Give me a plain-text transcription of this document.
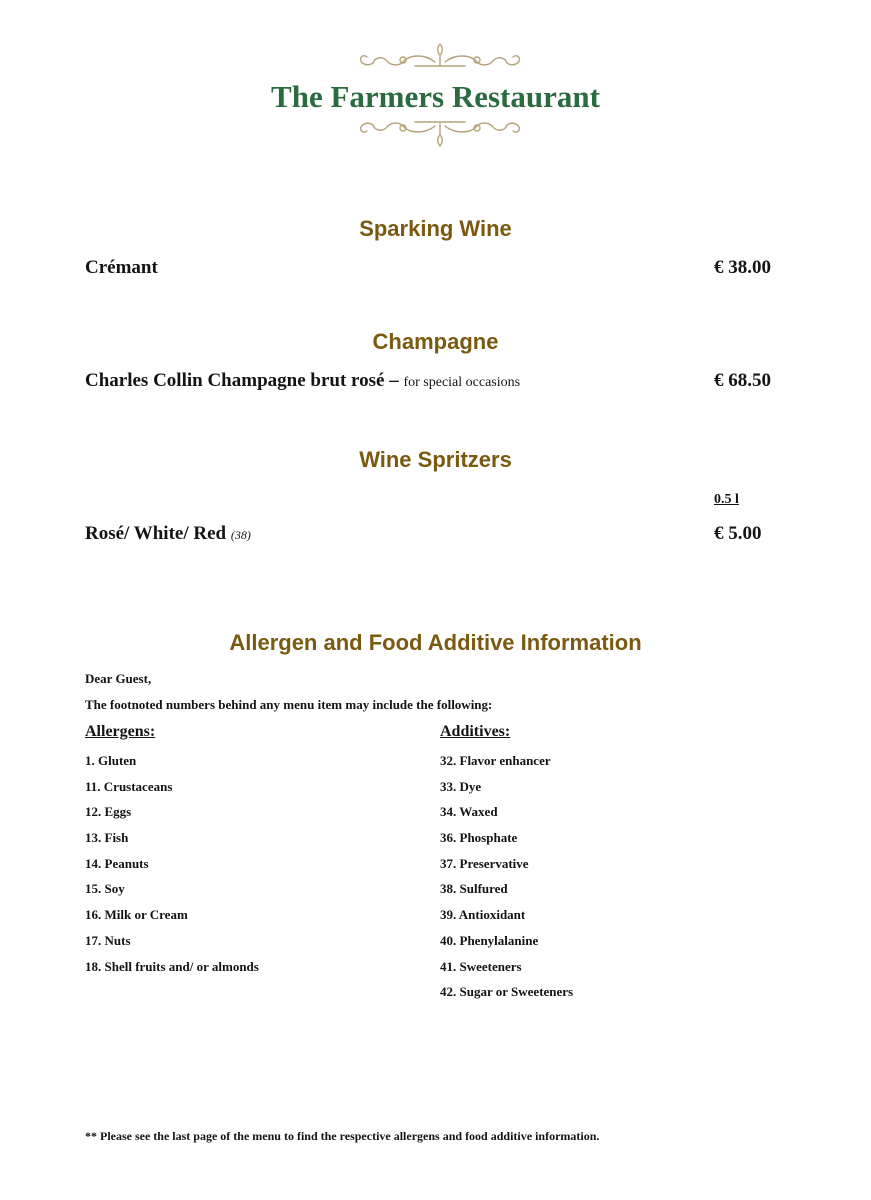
The Farmers Restaurant
Sparking Wine
Crémant	€ 38.00
Champagne
Charles Collin Champagne brut rosé – for special occasions	€ 68.50
Wine Spritzers
0.5 l
Rosé/ White/ Red (38)	€ 5.00
Allergen and Food Additive Information
Dear Guest,
The footnoted numbers behind any menu item may include the following:
Allergens:	Additives:
1. Gluten
11. Crustaceans
12. Eggs
13. Fish
14. Peanuts
15. Soy
16. Milk or Cream
17. Nuts
18. Shell fruits and/ or almonds
32. Flavor enhancer
33. Dye
34. Waxed
36. Phosphate
37. Preservative
38. Sulfured
39. Antioxidant
40. Phenylalanine
41. Sweeteners
42. Sugar or Sweeteners
** Please see the last page of the menu to find the respective allergens and food additive information.
